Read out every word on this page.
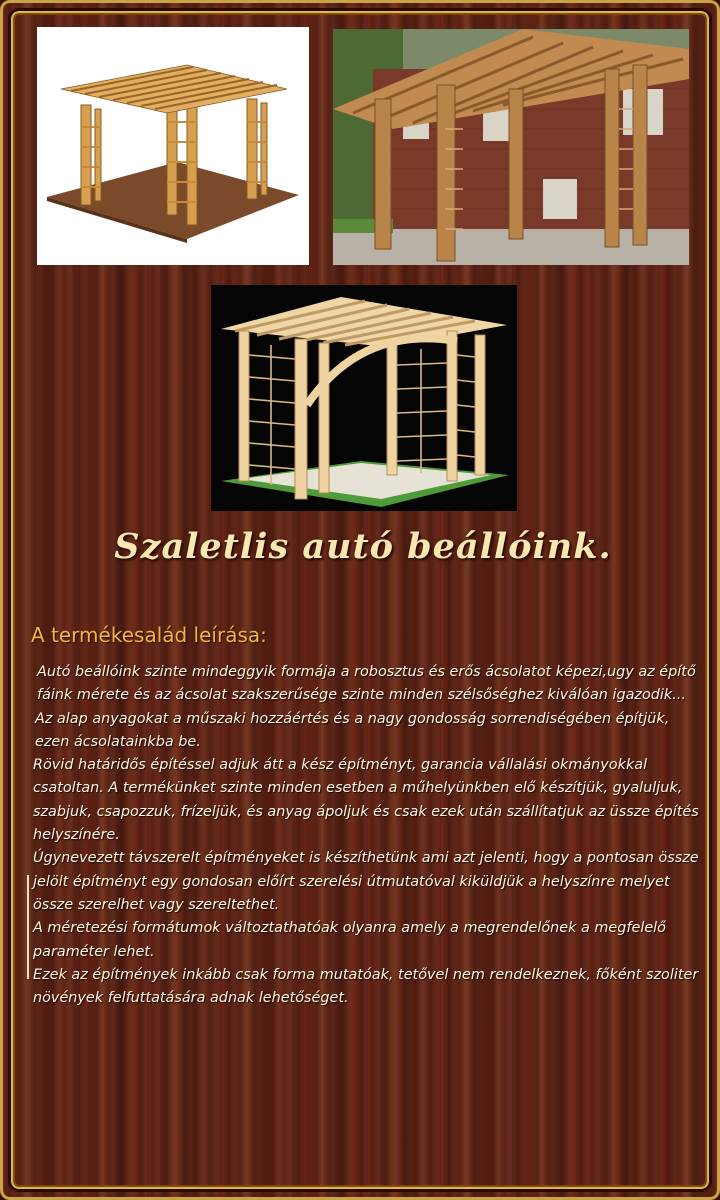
Szaletlis autó beállóink.
A termékesalád leírása:

Autó beállóink szinte mindeggyik formája a robosztus és erős ácsolatot képezi,ugy az építő fáink mérete és az ácsolat szakszerűsége szinte minden szélsőséghez kiválóan igazodik...

Az alap anyagokat a műszaki hozzáértés és a nagy gondosság sorrendiségében építjük, ezen ácsolatainkba be.

Rövid határidős építéssel adjuk átt a kész építményt, garancia vállalási okmányokkal csatoltan. A termékünket szinte minden esetben a műhelyünkben elő készítjük, gyaluljuk, szabjuk, csapozzuk, frízeljük, és anyag ápoljuk és csak ezek után szállítatjuk az üssze építés helyszínére.

Úgynevezett távszerelt építményeket is készíthetünk ami azt jelenti, hogy a pontosan össze jelölt építményt egy gondosan előírt szerelési útmutatóval kiküldjük a helyszínre melyet össze szerelhet vagy szereltethet.

A méretezési formátumok változtathatóak olyanra amely a megrendelőnek a megfelelő paraméter lehet.

Ezek az építmények inkább csak forma mutatóak, tetővel nem rendelkeznek, főként szoliter növények felfuttatására adnak lehetőséget.
